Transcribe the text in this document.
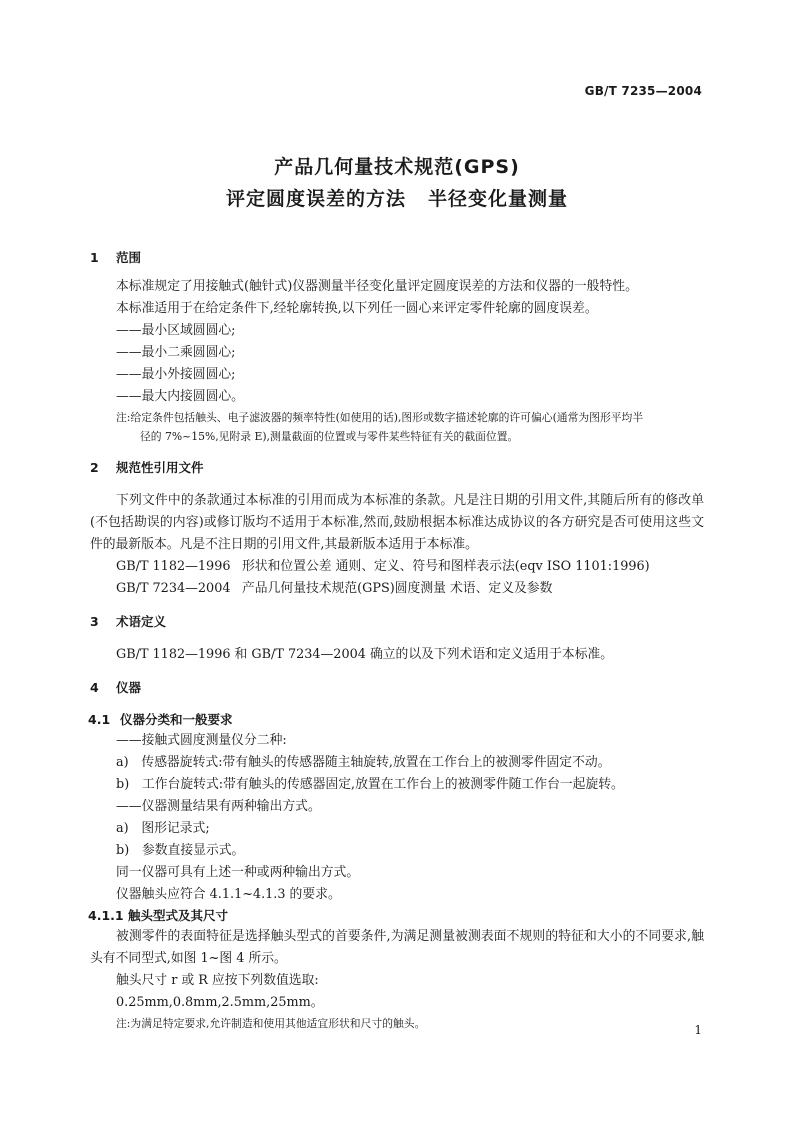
GB/T 7235—2004
产品几何量技术规范(GPS)
评定圆度误差的方法 半径变化量测量
1 范围

本标准规定了用接触式(触针式)仪器测量半径变化量评定圆度误差的方法和仪器的一般特性。

本标准适用于在给定条件下,经轮廓转换,以下列任一圆心来评定零件轮廓的圆度误差。

——最小区域圆圆心;

——最小二乘圆圆心;

——最小外接圆圆心;

——最大内接圆圆心。

注:给定条件包括触头、电子滤波器的频率特性(如使用的话),图形或数字描述轮廓的许可偏心(通常为图形平均半
径的 7%~15%,见附录 E),测量截面的位置或与零件某些特征有关的截面位置。
2 规范性引用文件

下列文件中的条款通过本标准的引用而成为本标准的条款。凡是注日期的引用文件,其随后所有的修改单(不包括勘误的内容)或修订版均不适用于本标准,然而,鼓励根据本标准达成协议的各方研究是否可使用这些文件的最新版本。凡是不注日期的引用文件,其最新版本适用于本标准。

GB/T 1182—1996 形状和位置公差 通则、定义、符号和图样表示法(eqv ISO 1101:1996)
GB/T 7234—2004 产品几何量技术规范(GPS)圆度测量 术语、定义及参数
3 术语定义

GB/T 1182—1996 和 GB/T 7234—2004 确立的以及下列术语和定义适用于本标准。

4 仪器
4.1 仪器分类和一般要求

——接触式圆度测量仪分二种:

a)　传感器旋转式:带有触头的传感器随主轴旋转,放置在工作台上的被测零件固定不动。

b)　工作台旋转式:带有触头的传感器固定,放置在工作台上的被测零件随工作台一起旋转。

——仪器测量结果有两种输出方式。

a)　图形记录式;

b)　参数直接显示式。

同一仪器可具有上述一种或两种输出方式。

仪器触头应符合 4.1.1~4.1.3 的要求。

4.1.1 触头型式及其尺寸

被测零件的表面特征是选择触头型式的首要条件,为满足测量被测表面不规则的特征和大小的不同要求,触头有不同型式,如图 1~图 4 所示。

触头尺寸 r 或 R 应按下列数值选取:

0.25mm,0.8mm,2.5mm,25mm。

注:为满足特定要求,允许制造和使用其他适宜形状和尺寸的触头。	1
